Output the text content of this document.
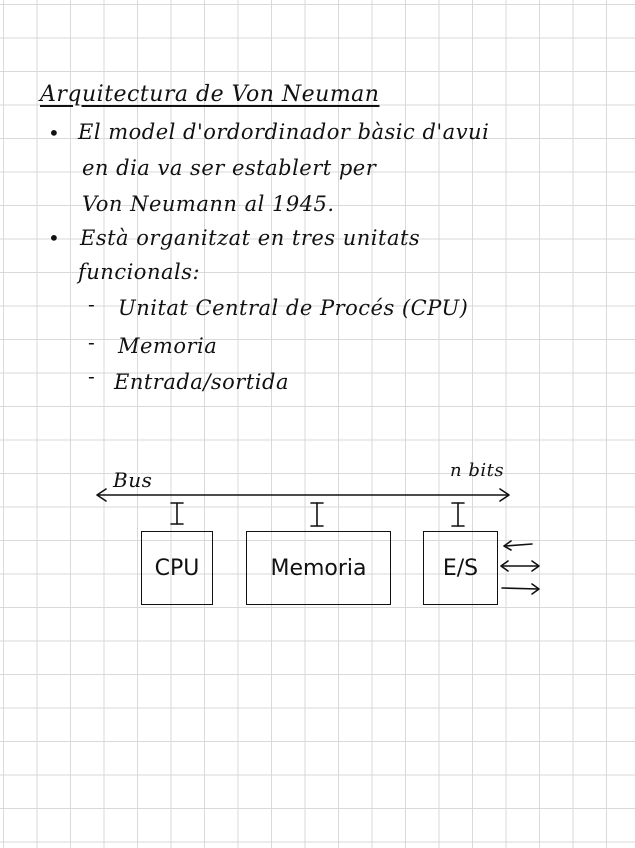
Arquitectura de Von Neuman
• El model d'ordordinador bàsic d'avui
en dia va ser establert per
Von Neumann al 1945.
• Està organitzat en tres unitats
funcionals:
- Unitat Central de Procés (CPU)
- Memoria
- Entrada/sortida
Bus	n bits
CPU	Memoria	E/S
